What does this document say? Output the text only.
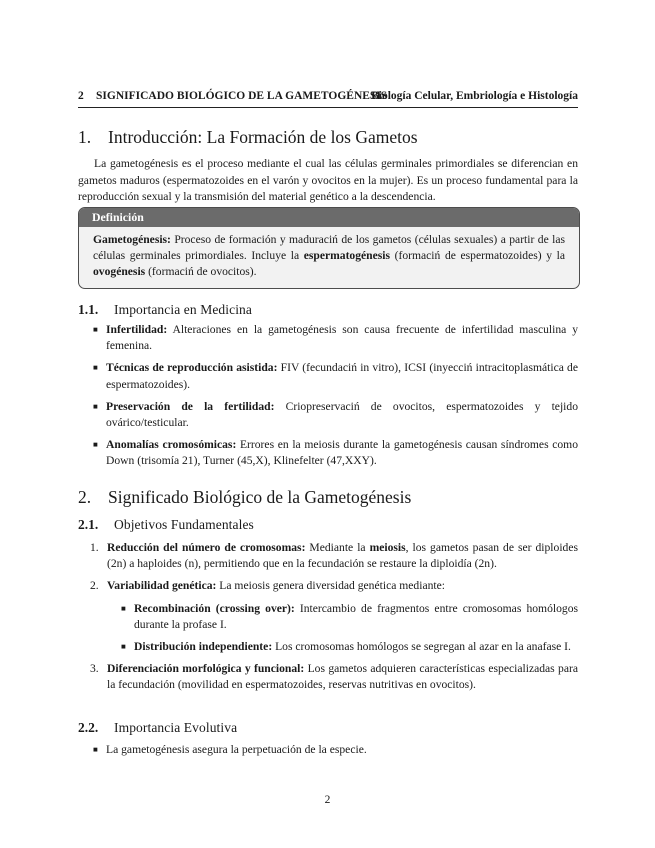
2 SIGNIFICADO BIOLÓGICO DE LA GAMETOGÉNESIS
Biología Celular, Embriología e Histología
1. Introducción: La Formación de los Gametos

La gametogénesis es el proceso mediante el cual las células germinales primordiales se diferencian en gametos maduros (espermatozoides en el varón y ovocitos en la mujer). Es un proceso fundamental para la reproducción sexual y la transmisión del material genético a la descendencia.

Definición
Gametogénesis: Proceso de formación y maduraciń de los gametos (células sexuales) a partir de las células germinales primordiales. Incluye la espermatogénesis (formaciń de espermatozoides) y la ovogénesis (formaciń de ovocitos).
1.1. Importancia en Medicina
■ Infertilidad: Alteraciones en la gametogénesis son causa frecuente de infertilidad masculina y femenina.
■ Técnicas de reproducción asistida: FIV (fecundaciń in vitro), ICSI (inyecciń intracitoplasmática de espermatozoides).
■ Preservación de la fertilidad: Criopreservaciń de ovocitos, espermatozoides y tejido ovárico/testicular.
■ Anomalías cromosómicas: Errores en la meiosis durante la gametogénesis causan síndromes como Down (trisomía 21), Turner (45,X), Klinefelter (47,XXY).
2. Significado Biológico de la Gametogénesis
2.1. Objetivos Fundamentales
1. Reducción del número de cromosomas: Mediante la meiosis, los gametos pasan de ser diploides (2n) a haploides (n), permitiendo que en la fecundación se restaure la diploidía (2n).
2. Variabilidad genética: La meiosis genera diversidad genética mediante:
■ Recombinación (crossing over): Intercambio de fragmentos entre cromosomas homólogos durante la profase I.
■ Distribución independiente: Los cromosomas homólogos se segregan al azar en la anafase I.
3. Diferenciación morfológica y funcional: Los gametos adquieren características especializadas para la fecundación (movilidad en espermatozoides, reservas nutritivas en ovocitos).
2.2. Importancia Evolutiva
■ La gametogénesis asegura la perpetuación de la especie.
2
